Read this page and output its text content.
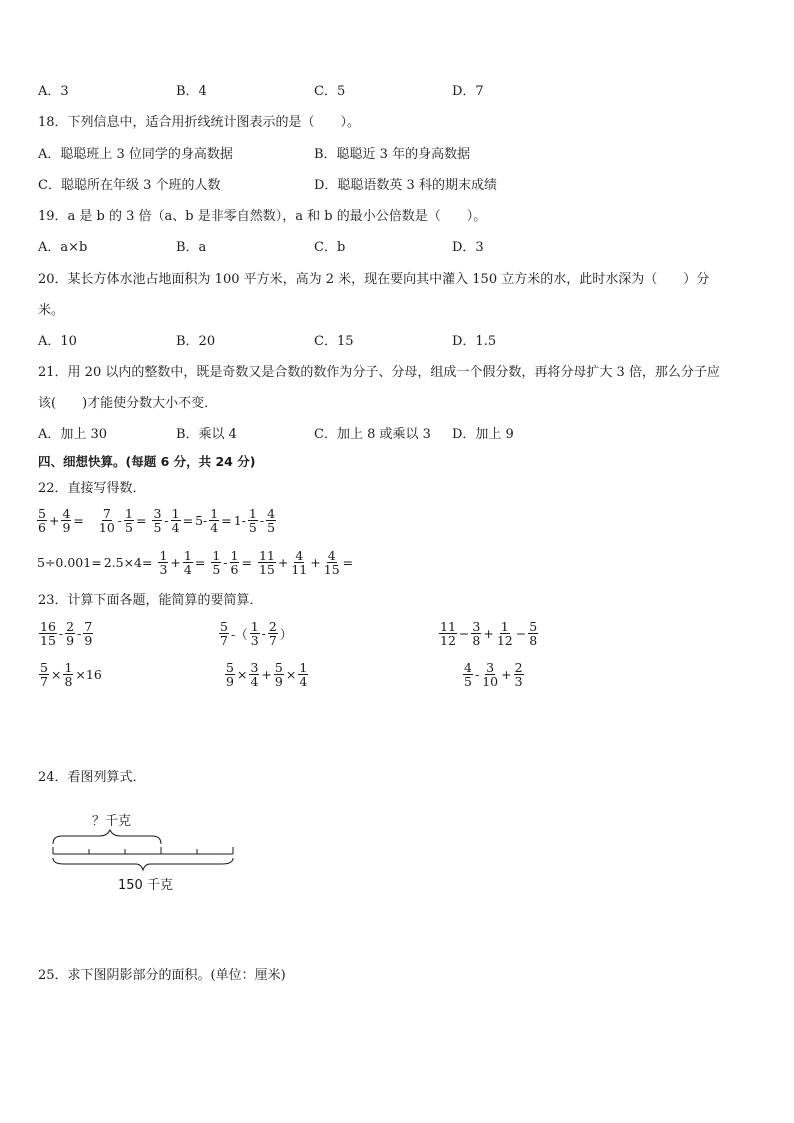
A．3	B．4	C．5	D．7
18．下列信息中，适合用折线统计图表示的是（　　）。
A．聪聪班上 3 位同学的身高数据	B．聪聪近 3 年的身高数据
C．聪聪所在年级 3 个班的人数	D．聪聪语数英 3 科的期末成绩
19．a 是 b 的 3 倍（a、b 是非零自然数），a 和 b 的最小公倍数是（　　）。
A．a×b	B．a	C．b	D．3
20．某长方体水池占地面积为 100 平方米，高为 2 米，现在要向其中灌入 150 立方米的水，此时水深为（　　）分
米。
A．10	B．20	C．15	D．1.5
21．用 20 以内的整数中，既是奇数又是合数的数作为分子、分母，组成一个假分数，再将分母扩大 3 倍，那么分子应
该(　　)才能使分数大小不变．
A．加上 30	B．乘以 4	C．加上 8 或乘以 3 D．加上 9
四、细想快算。(每题 6 分，共 24 分)
22．直接写得数．
$\frac{5}{6} + \frac{4}{9} = \frac{7}{10} - \frac{1}{5} = \frac{3}{5} - \frac{1}{4} = 5- \frac{1}{4} = 1- \frac{1}{5} - \frac{4}{5}$
$5\div 0.001= 2.5\times 4= \frac{1}{3} + \frac{1}{4} = \frac{1}{5} - \frac{1}{6} = \frac{11}{15} + \frac{4}{11} + \frac{4}{15}$ =
23．计算下面各题，能简算的要简算．
$\frac{16}{15} - \frac{2}{9} - \frac{7}{9}$	$\frac{5}{7}$ -（ $\frac{1}{3} - \frac{2}{7}$ ）	$\frac{11}{12} - \frac{3}{8} + \frac{1}{12} - \frac{5}{8}$
$\frac{5}{7} \times \frac{1}{8} \times 16$	$\frac{5}{9} \times \frac{3}{4} + \frac{5}{9} \times \frac{1}{4}$	$\frac{4}{5} - \frac{3}{10} + \frac{2}{3}$
24．看图列算式．
？千克
150 千克
25．求下图阴影部分的面积。(单位：厘米)
